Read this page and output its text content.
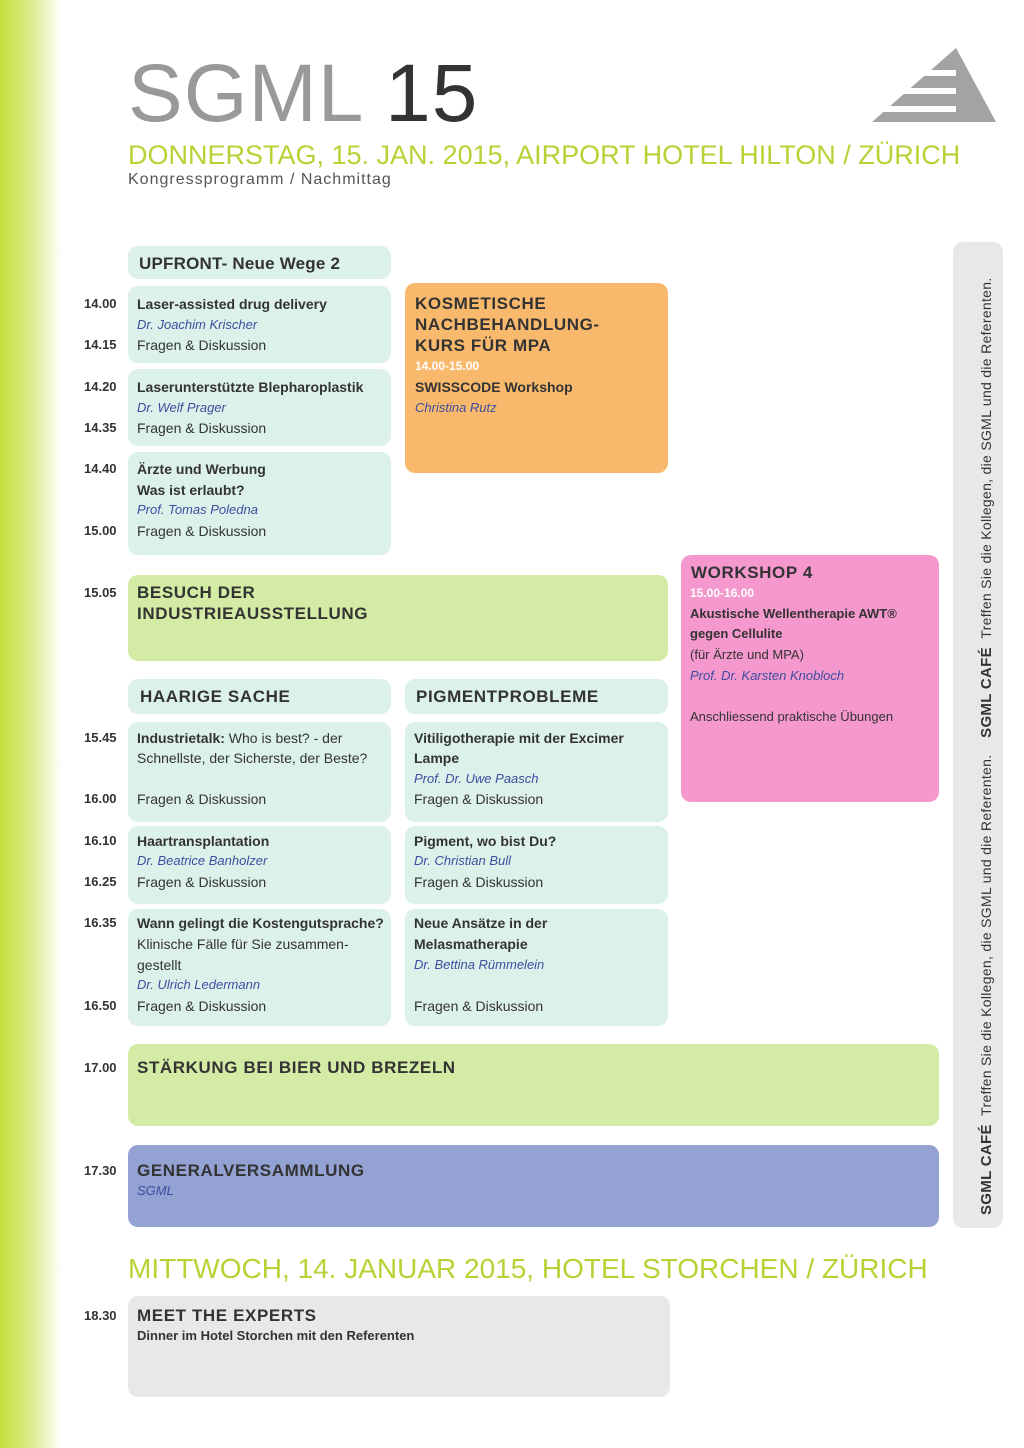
SGML 15
DONNERSTAG, 15. JAN. 2015, AIRPORT HOTEL HILTON / ZÜRICH
Kongressprogramm / Nachmittag
UPFRONT- Neue Wege 2
14.00 Laser-assisted drug delivery
Dr. Joachim Krischer
14.15 Fragen & Diskussion
14.20 Laserunterstützte Blepharoplastik
Dr. Welf Prager
14.35 Fragen & Diskussion
14.40 Ärzte und Werbung
Was ist erlaubt?
Prof. Tomas Poledna
15.00 Fragen & Diskussion
KOSMETISCHE
NACHBEHANDLUNG-
KURS FÜR MPA
14.00-15.00
SWISSCODE Workshop
Christina Rutz
WORKSHOP 4
15.00-16.00
Akustische Wellentherapie AWT®
gegen Cellulite
(für Ärzte und MPA)
Prof. Dr. Karsten Knobloch
Anschliessend praktische Übungen
15.05 BESUCH DER
INDUSTRIEAUSSTELLUNG
HAARIGE SACHE
15.45 Industrietalk: Who is best? - der
Schnellste, der Sicherste, der Beste?
16.00 Fragen & Diskussion
16.10 Haartransplantation
Dr. Beatrice Banholzer
16.25 Fragen & Diskussion
16.35 Wann gelingt die Kostengutsprache?
Klinische Fälle für Sie zusammen-
gestellt
Dr. Ulrich Ledermann
16.50 Fragen & Diskussion
PIGMENTPROBLEME
Vitiligotherapie mit der Excimer
Lampe
Prof. Dr. Uwe Paasch
Fragen & Diskussion
Pigment, wo bist Du?
Dr. Christian Bull
Fragen & Diskussion
Neue Ansätze in der
Melasmatherapie
Dr. Bettina Rümmelein
Fragen & Diskussion
17.00 STÄRKUNG BEI BIER UND BREZELN
17.30 GENERALVERSAMMLUNG
SGML	SGML CAFÉ  Treffen Sie die Kollegen, die SGML und die Referenten.    SGML CAFÉ  Treffen Sie die Kollegen, die SGML und die Referenten.
MITTWOCH, 14. JANUAR 2015, HOTEL STORCHEN / ZÜRICH
18.30 MEET THE EXPERTS
Dinner im Hotel Storchen mit den Referenten
